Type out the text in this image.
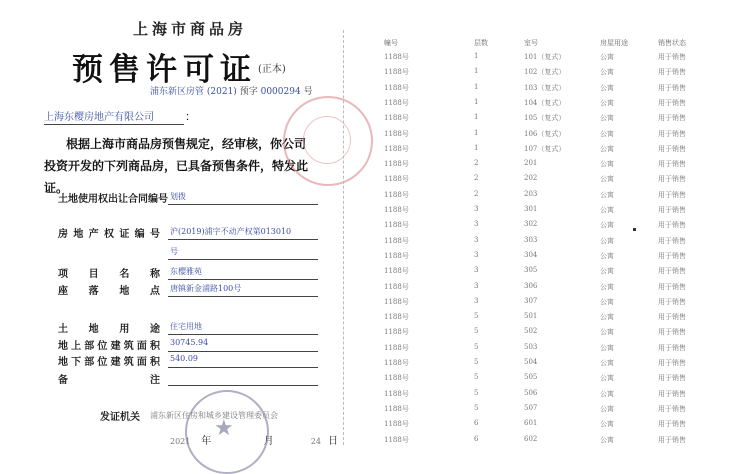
上海市商品房
预售许可证 (正本)
浦东新区房管 (2021) 预字 0000294 号
上海东樱房地产有限公司	：
根据上海市商品房预售规定，经审核，你公司投资开发的下列商品房，已具备预售条件，特发此证。
土地使用权出让合同编号 划拨
房地产权证编号 沪(2019)浦字不动产权第013010
号
项目名称 东樱雅苑
座落地点 唐镇新金浦路100号
土地用途 住宅用地
地上部位建筑面积 30745.94
地下部位建筑面积 540.09
备注
发证机关 浦东新区住房和城乡建设管理委员会
2021 年	月	24 日
★
幢号	层数	室号	房屋用途	销售状态
1188号	1	101（复式）	公寓	用于销售
1188号	1	102（复式）	公寓	用于销售
1188号	1	103（复式）	公寓	用于销售
1188号	1	104（复式）	公寓	用于销售
1188号	1	105（复式）	公寓	用于销售
1188号	1	106（复式）	公寓	用于销售
1188号	1	107（复式）	公寓	用于销售
1188号	2	201	公寓	用于销售
1188号	2	202	公寓	用于销售
1188号	2	203	公寓	用于销售
1188号	3	301	公寓	用于销售
1188号	3	302	公寓	用于销售
1188号	3	303	公寓	用于销售
1188号	3	304	公寓	用于销售
1188号	3	305	公寓	用于销售
1188号	3	306	公寓	用于销售
1188号	3	307	公寓	用于销售
1188号	5	501	公寓	用于销售
1188号	5	502	公寓	用于销售
1188号	5	503	公寓	用于销售
1188号	5	504	公寓	用于销售
1188号	5	505	公寓	用于销售
1188号	5	506	公寓	用于销售
1188号	5	507	公寓	用于销售
1188号	6	601	公寓	用于销售
1188号	6	602	公寓	用于销售
